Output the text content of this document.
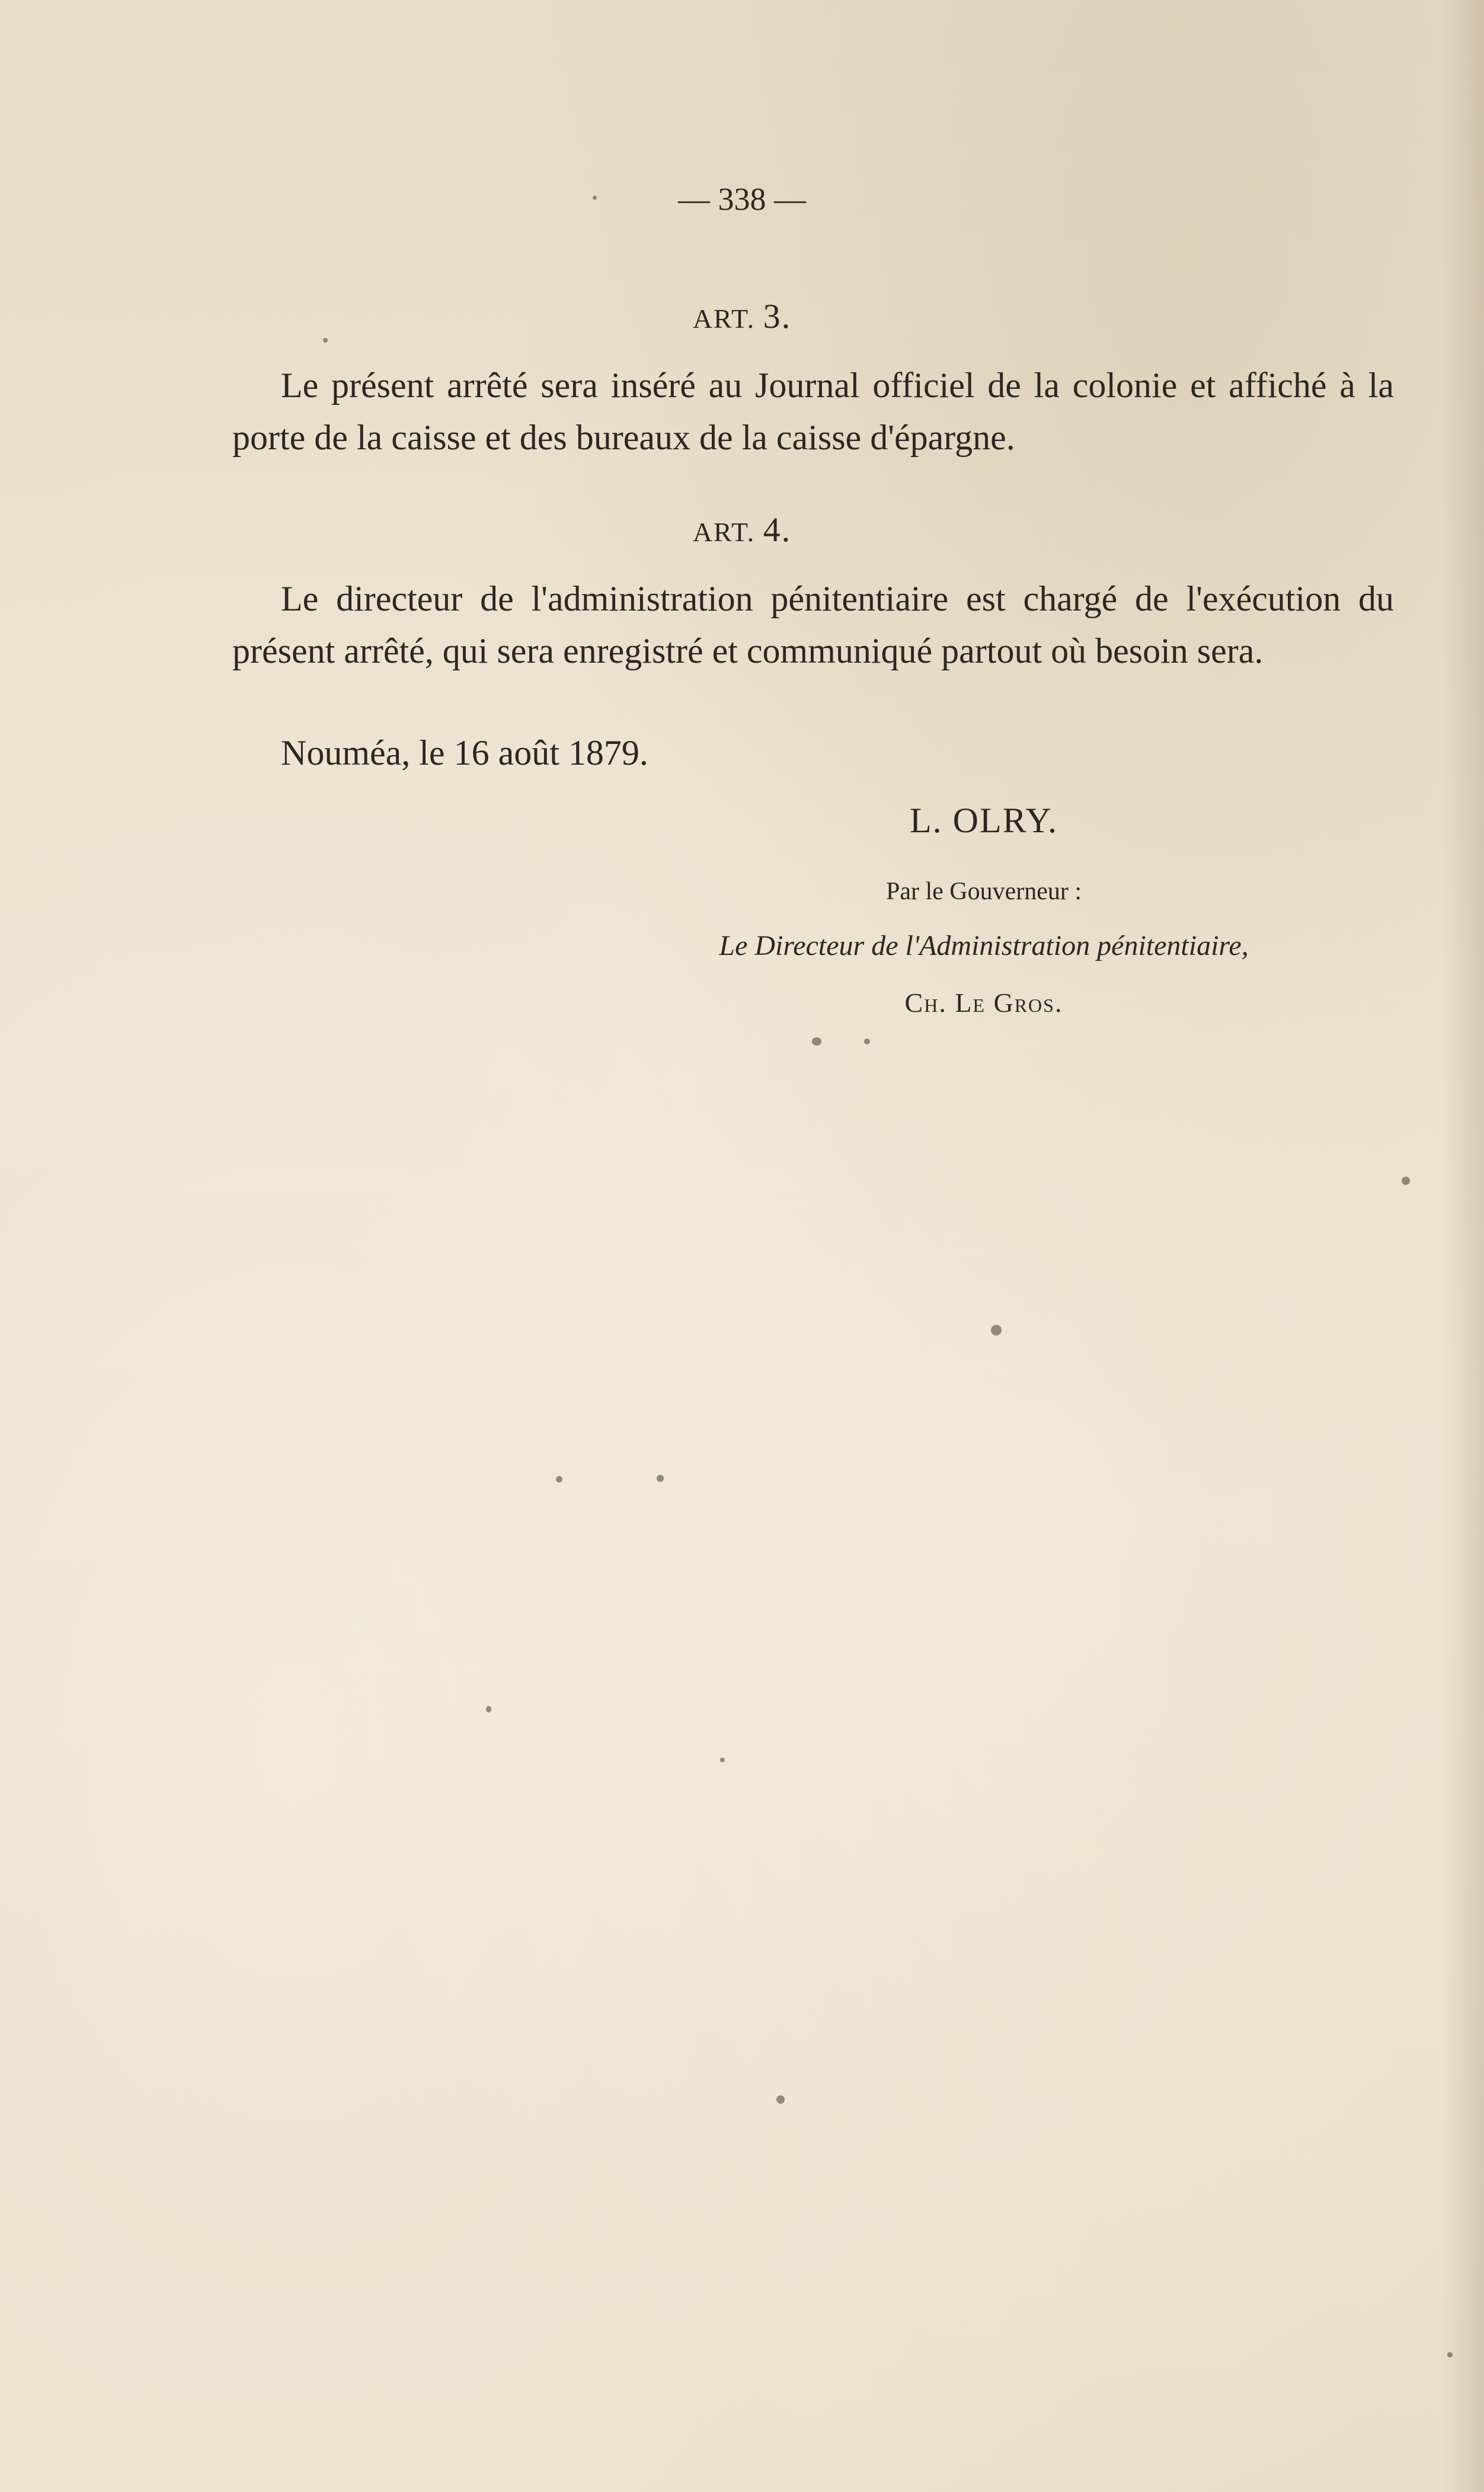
— 338 —
ART. 3.

Le présent arrêté sera inséré au Journal officiel de la colonie et affiché à la porte de la caisse et des bureaux de la caisse d'épargne.

ART. 4.

Le directeur de l'administration pénitentiaire est chargé de l'exécution du présent arrêté, qui sera enregistré et communiqué partout où besoin sera.

Nouméa, le 16 août 1879.
L. OLRY.
Par le Gouverneur :
Le Directeur de l'Administration pénitentiaire,
Ch. Le Gros.
